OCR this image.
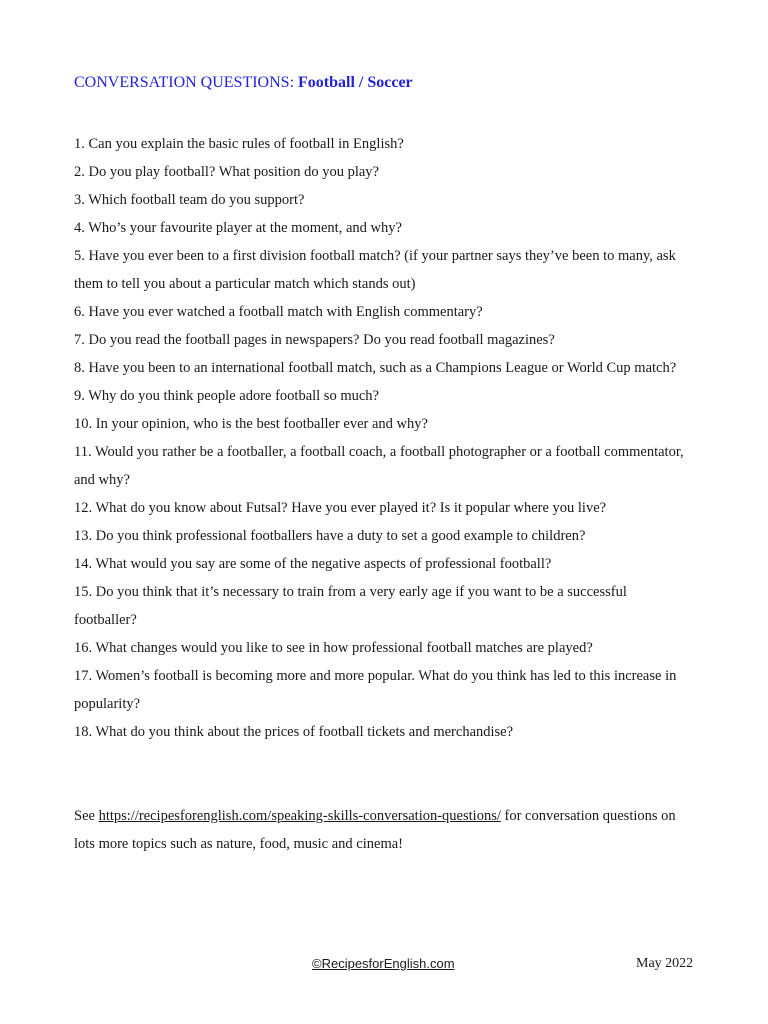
CONVERSATION QUESTIONS: Football / Soccer
1. Can you explain the basic rules of football in English?
2. Do you play football? What position do you play?
3. Which football team do you support?
4. Who’s your favourite player at the moment, and why?
5. Have you ever been to a first division football match? (if your partner says they’ve been to many, ask them to tell you about a particular match which stands out)
6. Have you ever watched a football match with English commentary?
7. Do you read the football pages in newspapers? Do you read football magazines?
8. Have you been to an international football match, such as a Champions League or World Cup match?
9. Why do you think people adore football so much?
10. In your opinion, who is the best footballer ever and why?
11. Would you rather be a footballer, a football coach, a football photographer or a football commentator, and why?
12. What do you know about Futsal? Have you ever played it? Is it popular where you live?
13. Do you think professional footballers have a duty to set a good example to children?
14. What would you say are some of the negative aspects of professional football?
15. Do you think that it’s necessary to train from a very early age if you want to be a successful footballer?
16. What changes would you like to see in how professional football matches are played?
17. Women’s football is becoming more and more popular. What do you think has led to this increase in popularity?
18. What do you think about the prices of football tickets and merchandise?
See https://recipesforenglish.com/speaking-skills-conversation-questions/ for conversation questions on lots more topics such as nature, food, music and cinema!
©RecipesforEnglish.com	May 2022
